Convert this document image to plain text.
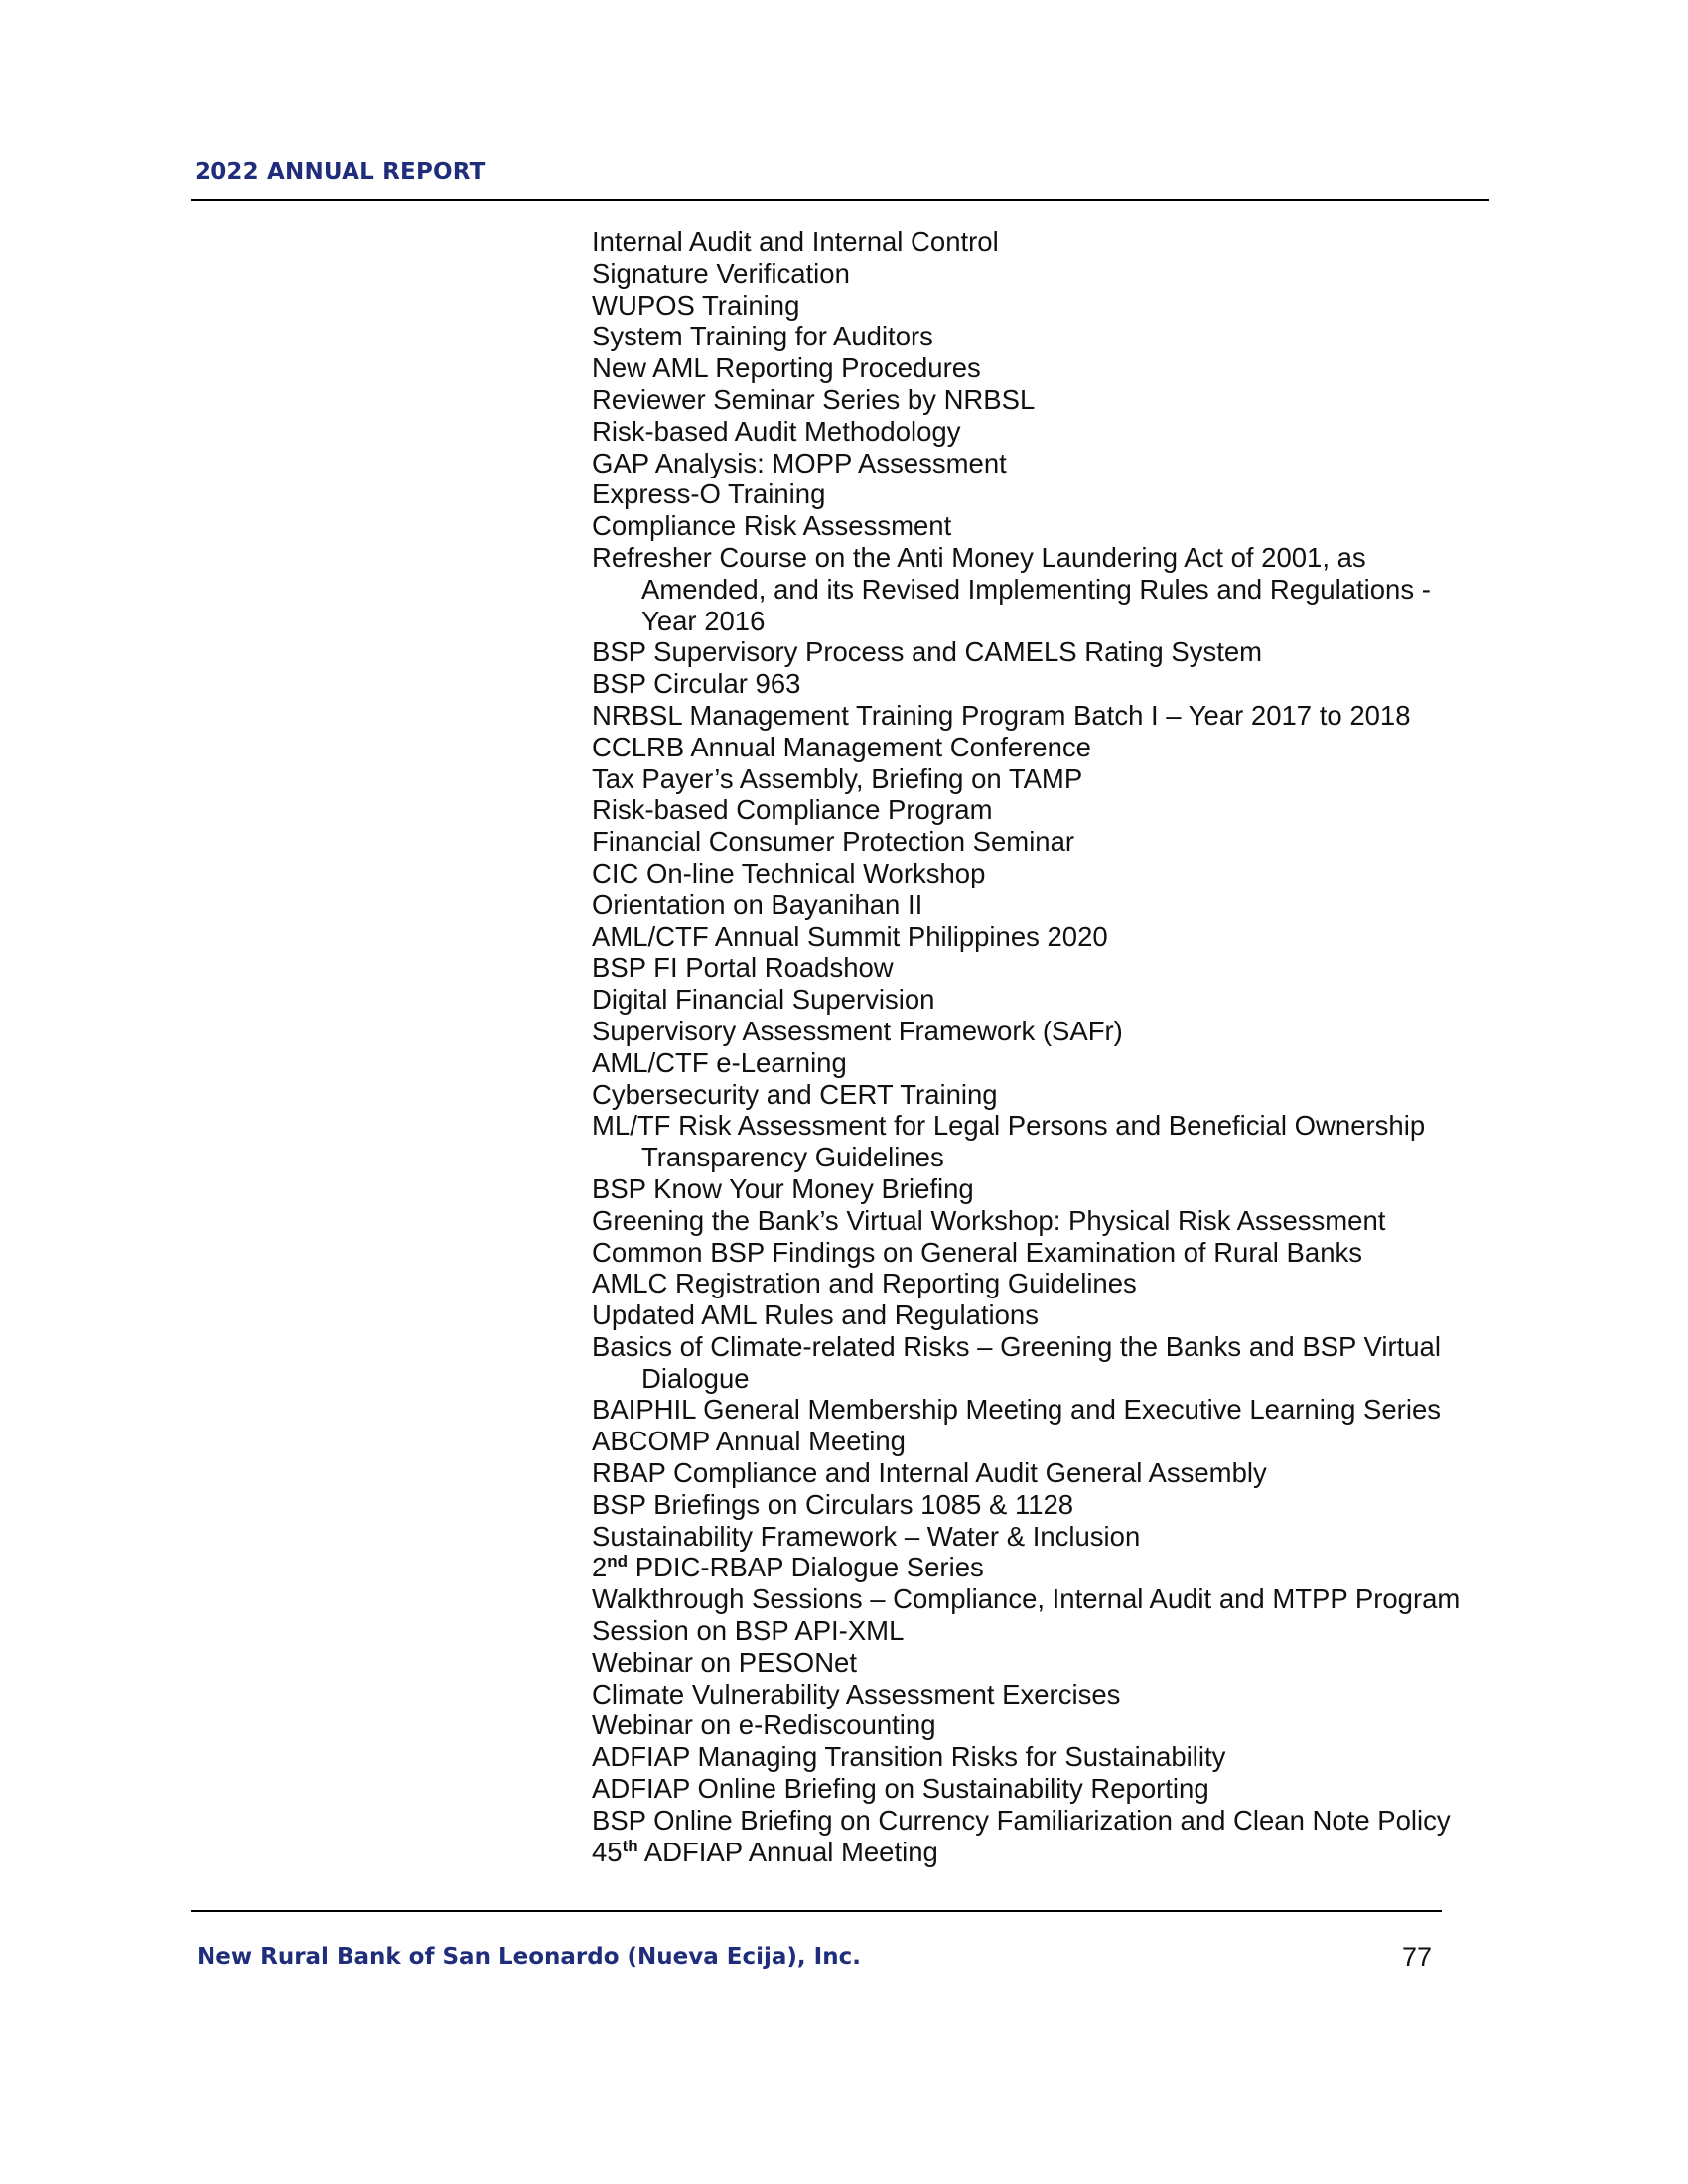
2022 ANNUAL REPORT
Internal Audit and Internal Control
Signature Verification
WUPOS Training
System Training for Auditors
New AML Reporting Procedures
Reviewer Seminar Series by NRBSL
Risk-based Audit Methodology
GAP Analysis: MOPP Assessment
Express-O Training
Compliance Risk Assessment
Refresher Course on the Anti Money Laundering Act of 2001, as Amended, and its Revised Implementing Rules and Regulations - Year 2016
BSP Supervisory Process and CAMELS Rating System
BSP Circular 963
NRBSL Management Training Program Batch I – Year 2017 to 2018
CCLRB Annual Management Conference
Tax Payer’s Assembly, Briefing on TAMP
Risk-based Compliance Program
Financial Consumer Protection Seminar
CIC On-line Technical Workshop
Orientation on Bayanihan II
AML/CTF Annual Summit Philippines 2020
BSP FI Portal Roadshow
Digital Financial Supervision
Supervisory Assessment Framework (SAFr)
AML/CTF e-Learning
Cybersecurity and CERT Training
ML/TF Risk Assessment for Legal Persons and Beneficial Ownership Transparency Guidelines
BSP Know Your Money Briefing
Greening the Bank’s Virtual Workshop: Physical Risk Assessment
Common BSP Findings on General Examination of Rural Banks
AMLC Registration and Reporting Guidelines
Updated AML Rules and Regulations
Basics of Climate-related Risks – Greening the Banks and BSP Virtual Dialogue
BAIPHIL General Membership Meeting and Executive Learning Series
ABCOMP Annual Meeting
RBAP Compliance and Internal Audit General Assembly
BSP Briefings on Circulars 1085 & 1128
Sustainability Framework – Water & Inclusion
2nd PDIC-RBAP Dialogue Series
Walkthrough Sessions – Compliance, Internal Audit and MTPP Program
Session on BSP API-XML
Webinar on PESONet
Climate Vulnerability Assessment Exercises
Webinar on e-Rediscounting
ADFIAP Managing Transition Risks for Sustainability
ADFIAP Online Briefing on Sustainability Reporting
BSP Online Briefing on Currency Familiarization and Clean Note Policy
45th ADFIAP Annual Meeting
New Rural Bank of San Leonardo (Nueva Ecija), Inc.	77
